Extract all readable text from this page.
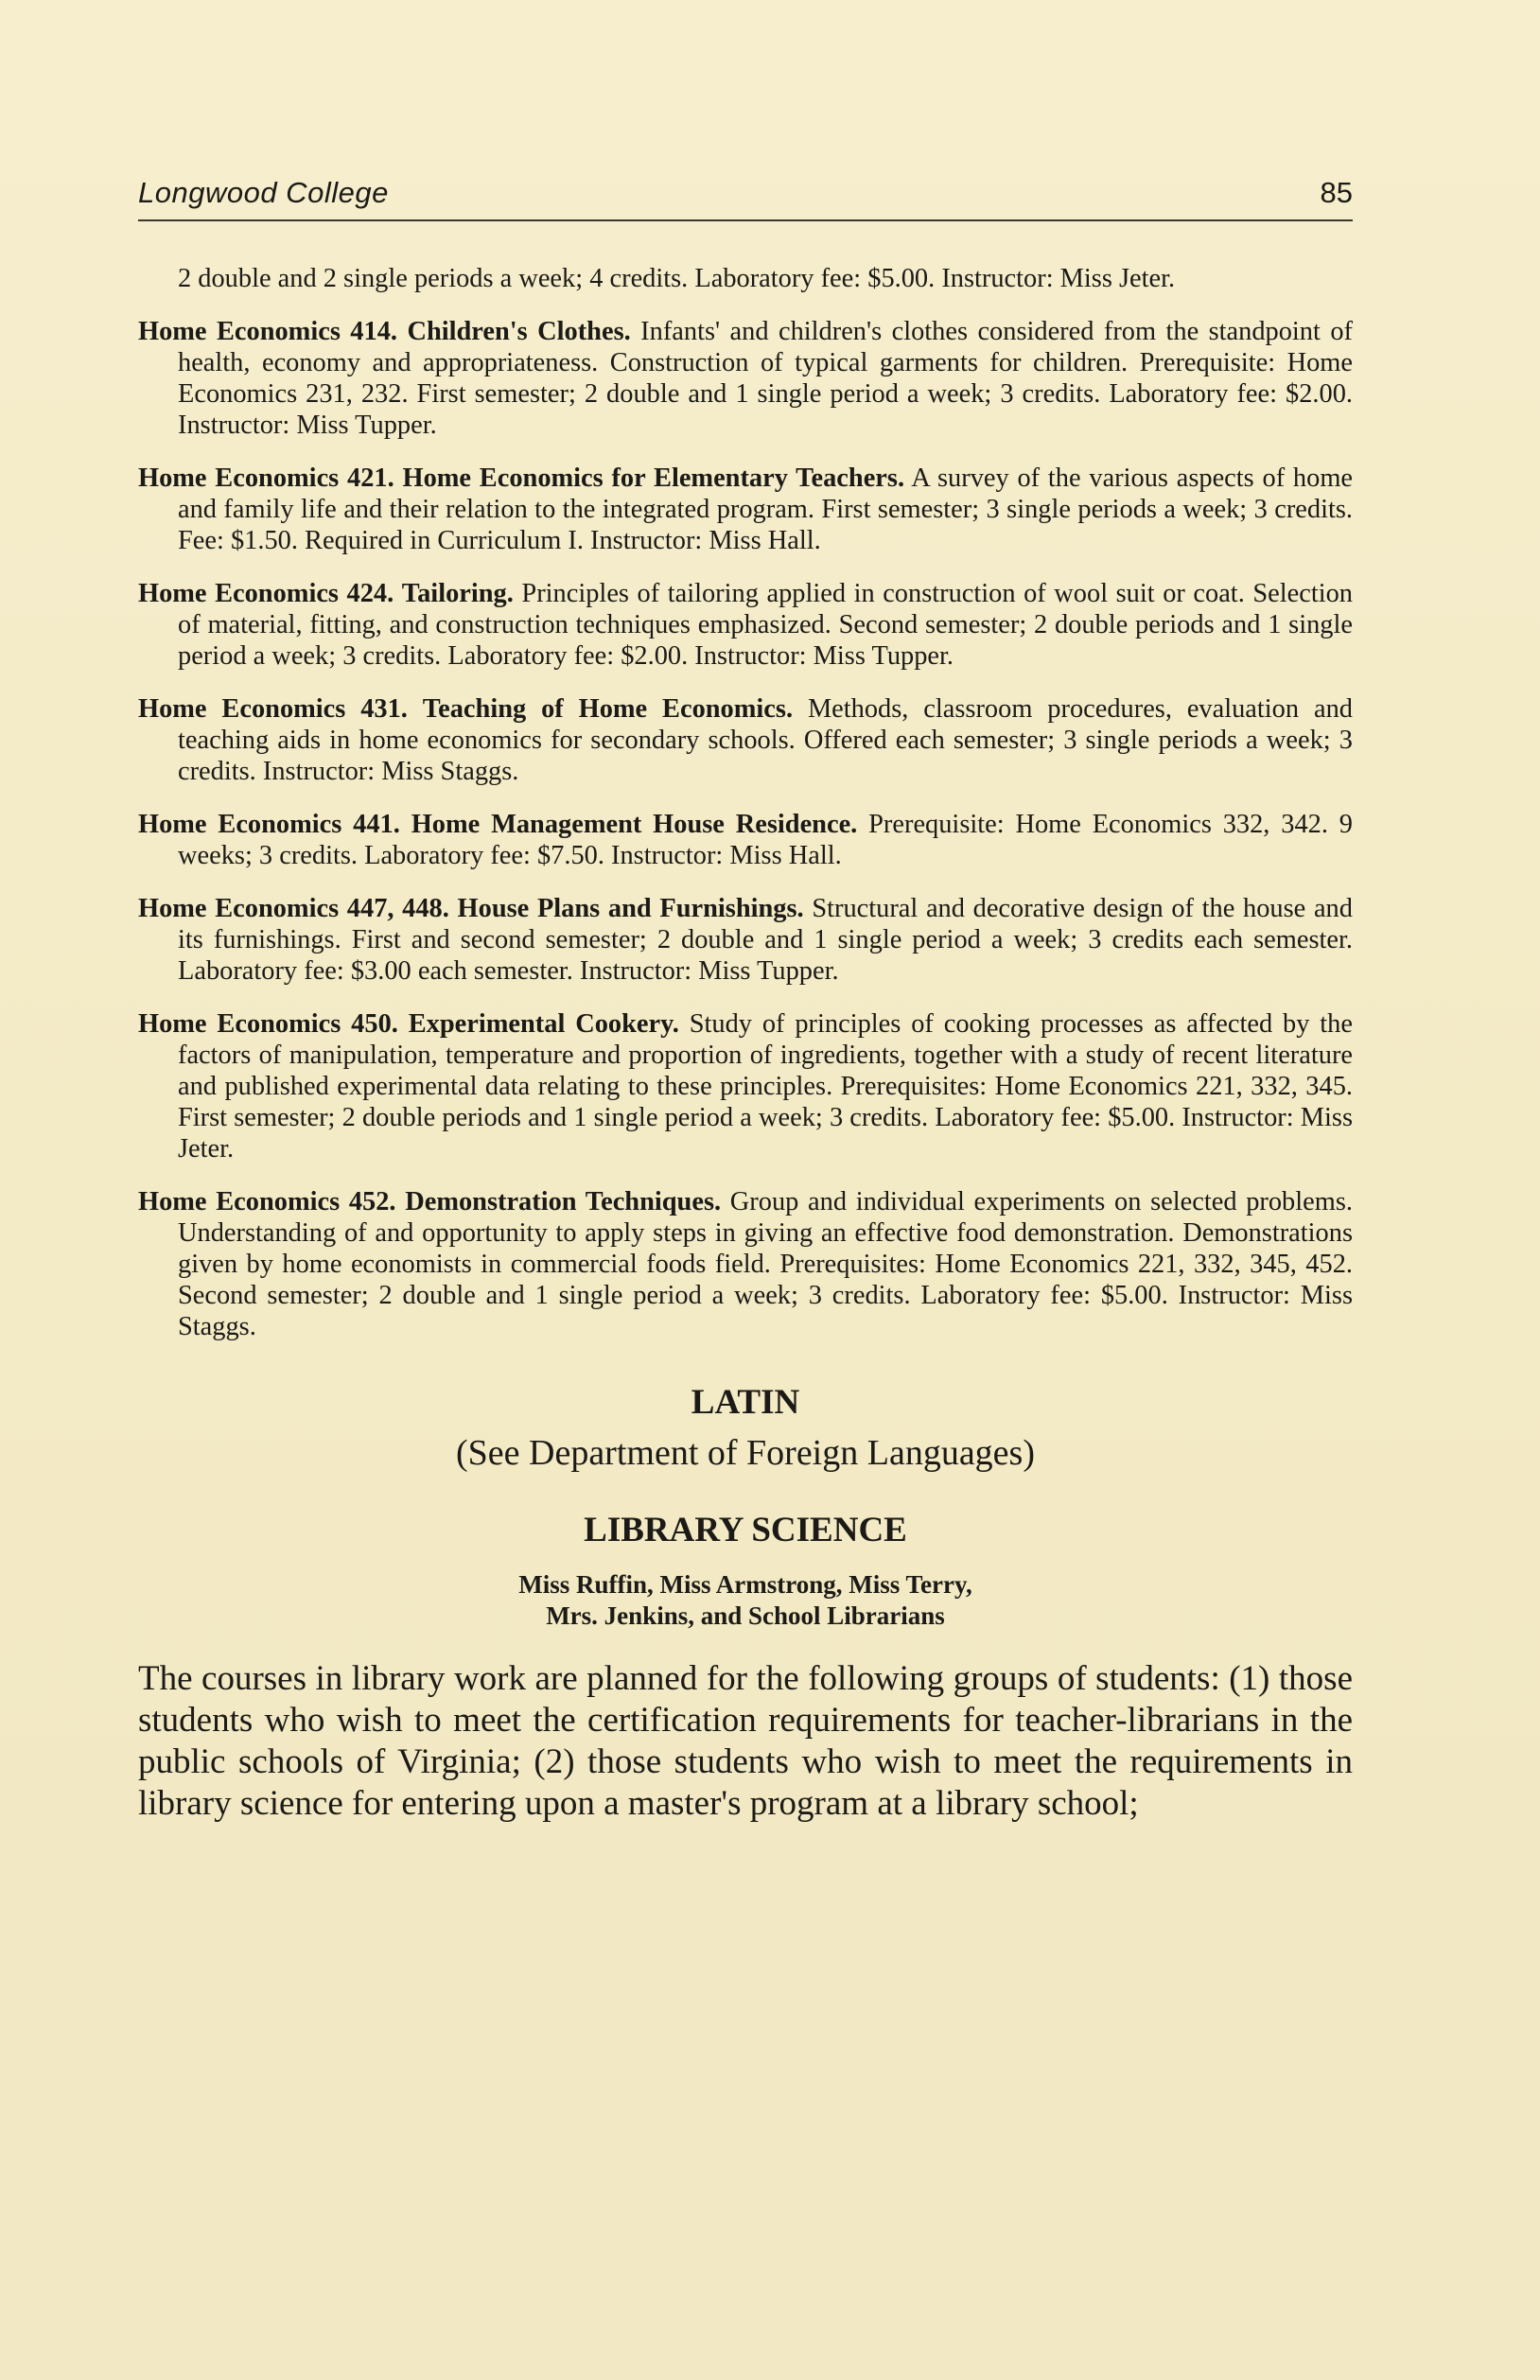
Longwood College	85

2 double and 2 single periods a week; 4 credits. Laboratory fee: $5.00. Instructor: Miss Jeter.

Home Economics 414. Children's Clothes. Infants' and children's clothes considered from the standpoint of health, economy and appropriateness. Construction of typical garments for children. Prerequisite: Home Economics 231, 232. First semester; 2 double and 1 single period a week; 3 credits. Laboratory fee: $2.00. Instructor: Miss Tupper.

Home Economics 421. Home Economics for Elementary Teachers. A survey of the various aspects of home and family life and their relation to the integrated program. First semester; 3 single periods a week; 3 credits. Fee: $1.50. Required in Curriculum I. Instructor: Miss Hall.

Home Economics 424. Tailoring. Principles of tailoring applied in construction of wool suit or coat. Selection of material, fitting, and construction techniques emphasized. Second semester; 2 double periods and 1 single period a week; 3 credits. Laboratory fee: $2.00. Instructor: Miss Tupper.

Home Economics 431. Teaching of Home Economics. Methods, classroom procedures, evaluation and teaching aids in home economics for secondary schools. Offered each semester; 3 single periods a week; 3 credits. Instructor: Miss Staggs.

Home Economics 441. Home Management House Residence. Prerequisite: Home Economics 332, 342. 9 weeks; 3 credits. Laboratory fee: $7.50. Instructor: Miss Hall.

Home Economics 447, 448. House Plans and Furnishings. Structural and decorative design of the house and its furnishings. First and second semester; 2 double and 1 single period a week; 3 credits each semester. Laboratory fee: $3.00 each semester. Instructor: Miss Tupper.

Home Economics 450. Experimental Cookery. Study of principles of cooking processes as affected by the factors of manipulation, temperature and proportion of ingredients, together with a study of recent literature and published experimental data relating to these principles. Prerequisites: Home Economics 221, 332, 345. First semester; 2 double periods and 1 single period a week; 3 credits. Laboratory fee: $5.00. Instructor: Miss Jeter.

Home Economics 452. Demonstration Techniques. Group and individual experiments on selected problems. Understanding of and opportunity to apply steps in giving an effective food demonstration. Demonstrations given by home economists in commercial foods field. Prerequisites: Home Economics 221, 332, 345, 452. Second semester; 2 double and 1 single period a week; 3 credits. Laboratory fee: $5.00. Instructor: Miss Staggs.

LATIN

(See Department of Foreign Languages)

LIBRARY SCIENCE

Miss Ruffin, Miss Armstrong, Miss Terry,

Mrs. Jenkins, and School Librarians

The courses in library work are planned for the following groups of students: (1) those students who wish to meet the certification requirements for teacher-librarians in the public schools of Virginia; (2) those students who wish to meet the requirements in library science for entering upon a master's program at a library school;
